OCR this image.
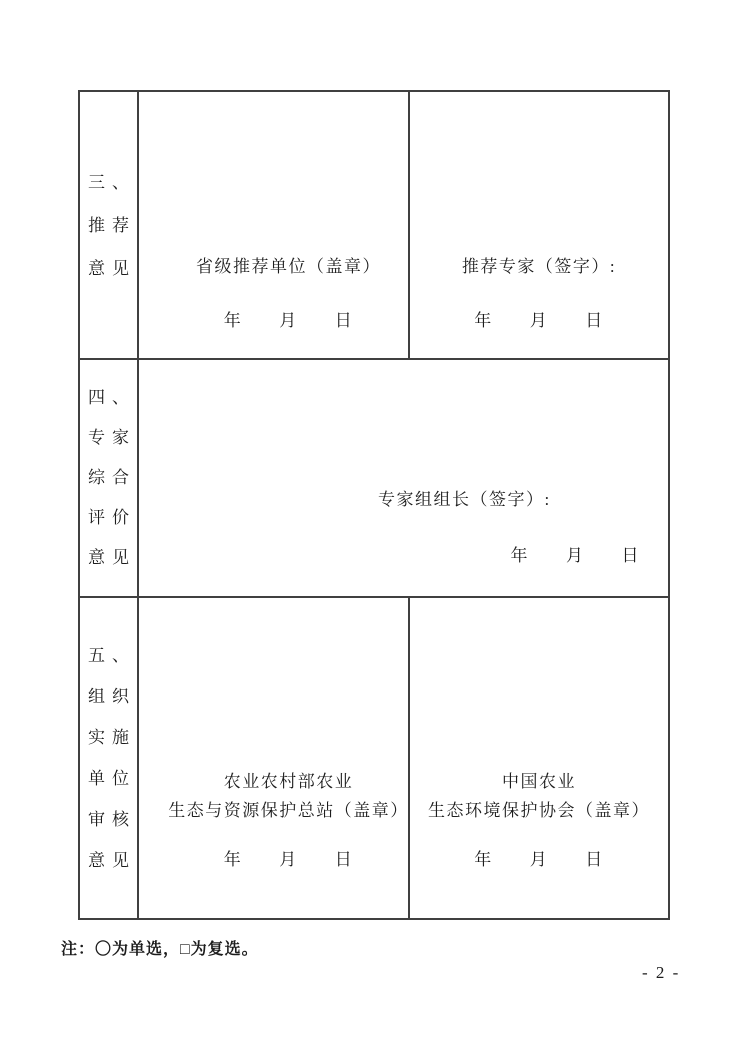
三、
推荐
意见	省级推荐单位（盖章）
年　　月　　日
推荐专家（签字）:
年　　月　　日
四、
专家
综合
评价
意见
专家组组长（签字）:
年　　月　　日
五、
组织
实施
单位
审核
意见
农业农村部农业
生态与资源保护总站（盖章）
年　　月　　日
中国农业
生态环境保护协会（盖章）
年　　月　　日
注：〇为单选，□为复选。
- 2 -
